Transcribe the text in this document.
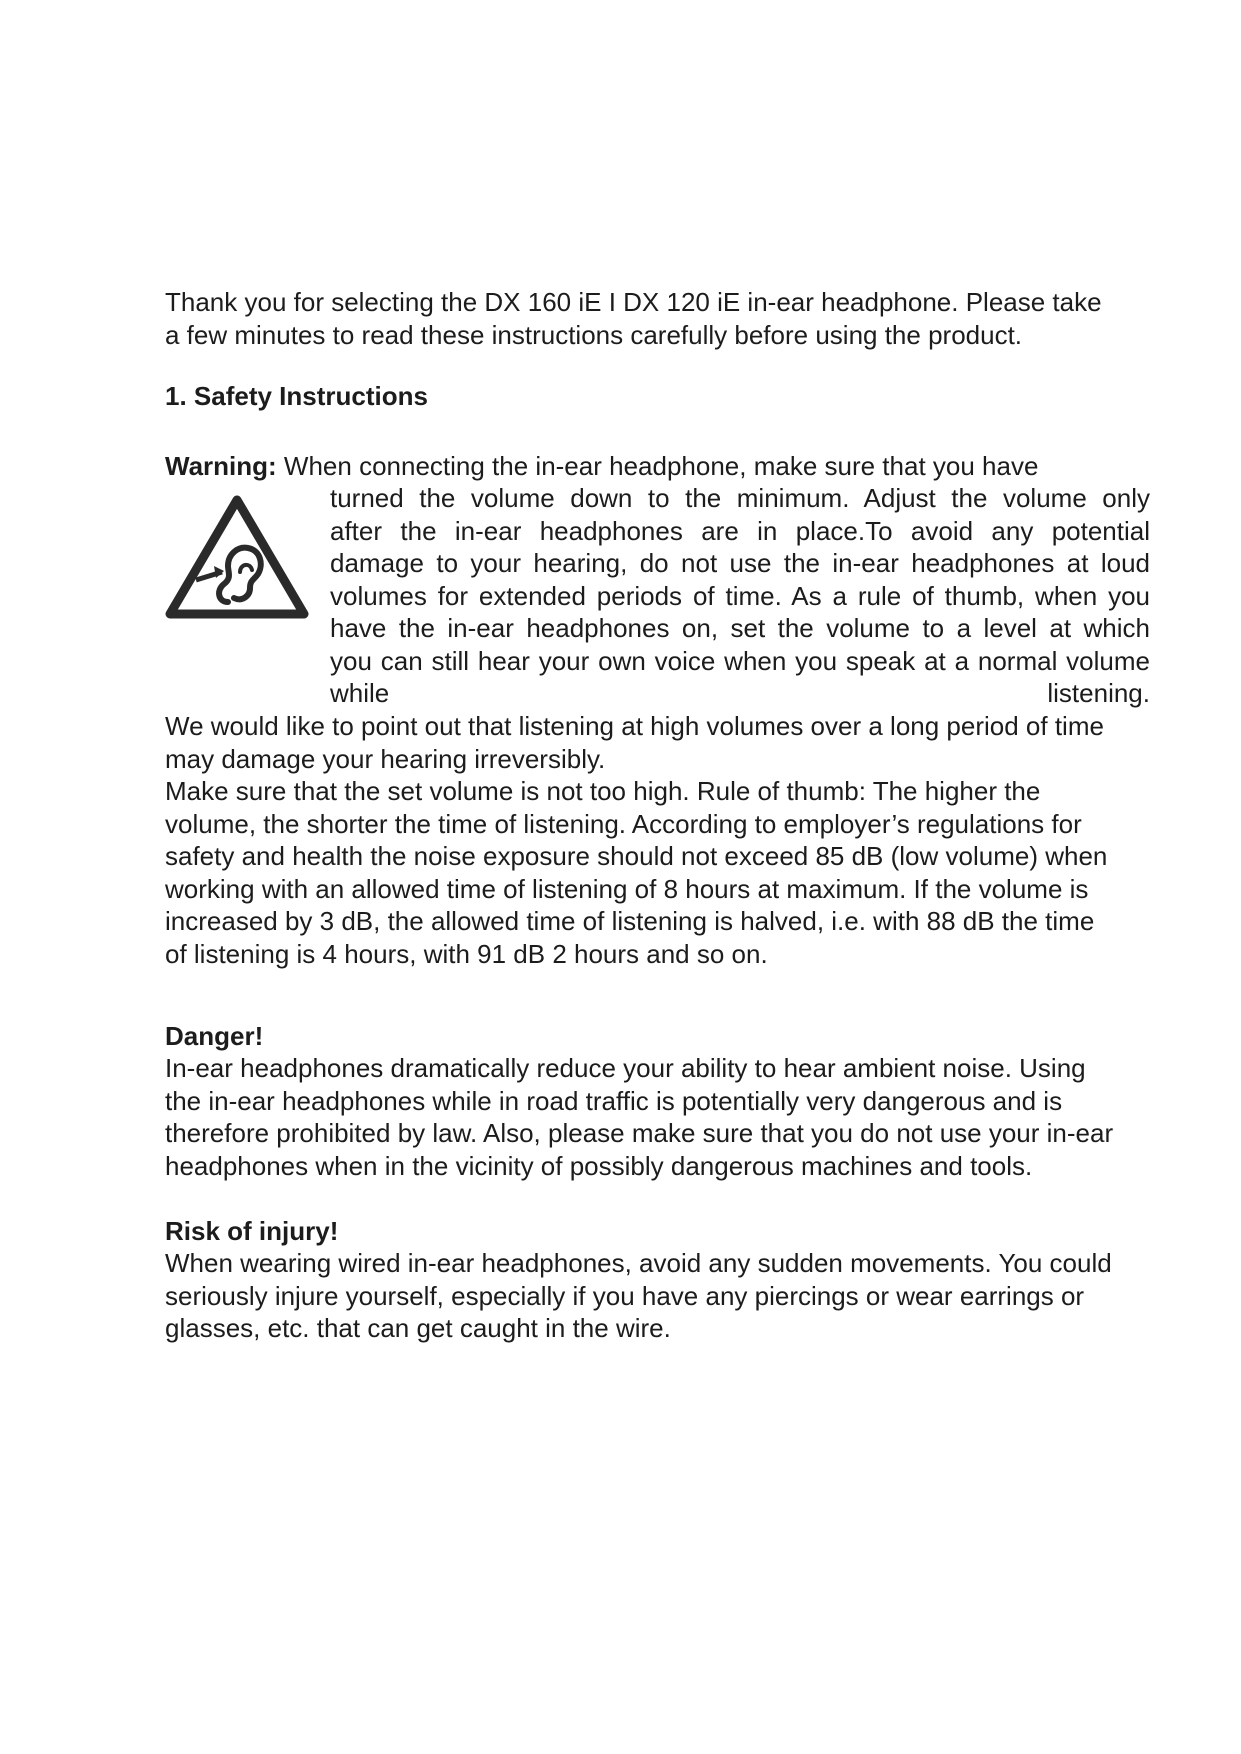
Thank you for selecting the DX 160 iE I DX 120 iE in-ear headphone. Please take
a few minutes to read these instructions carefully before using the product.

1. Safety Instructions

Warning: When connecting the in-ear headphone, make sure that you have

turned the volume down to the minimum. Adjust the volume only
after the in-ear headphones are in place.To avoid any potential
damage to your hearing, do not use the in-ear headphones at loud
volumes for extended periods of time. As a rule of thumb, when you
have the in-ear headphones on, set the volume to a level at which
you can still hear your own voice when you speak at a normal volume
while listening.

We would like to point out that listening at high volumes over a long period of time
may damage your hearing irreversibly.

Make sure that the set volume is not too high. Rule of thumb: The higher the
volume, the shorter the time of listening. According to employer’s regulations for
safety and health the noise exposure should not exceed 85 dB (low volume) when
working with an allowed time of listening of 8 hours at maximum. If the volume is
increased by 3 dB, the allowed time of listening is halved, i.e. with 88 dB the time
of listening is 4 hours, with 91 dB 2 hours and so on.

Danger!

In-ear headphones dramatically reduce your ability to hear ambient noise. Using
the in-ear headphones while in road traffic is potentially very dangerous and is
therefore prohibited by law. Also, please make sure that you do not use your in-ear
headphones when in the vicinity of possibly dangerous machines and tools.

Risk of injury!

When wearing wired in-ear headphones, avoid any sudden movements. You could
seriously injure yourself, especially if you have any piercings or wear earrings or
glasses, etc. that can get caught in the wire.
